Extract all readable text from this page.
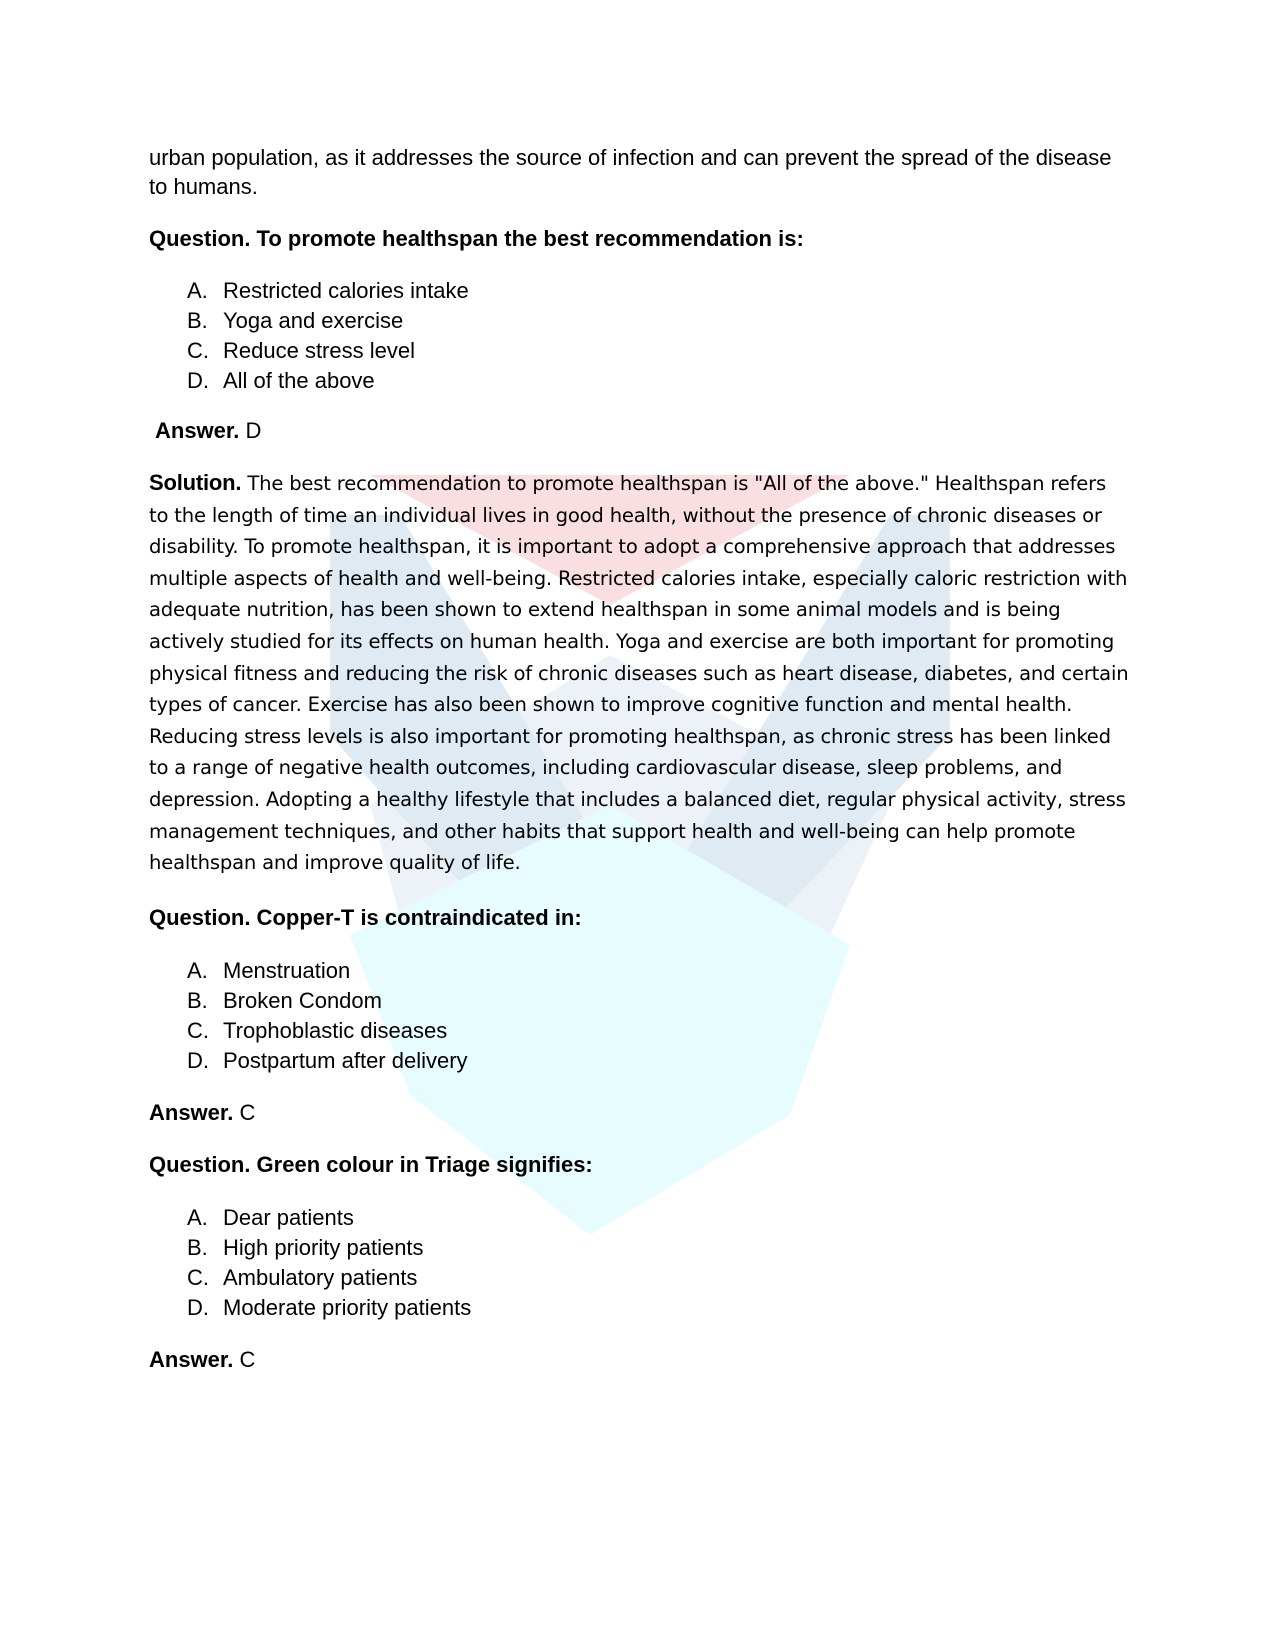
urban population, as it addresses the source of infection and can prevent the spread of the disease to humans.

Question. To promote healthspan the best recommendation is:

A. Restricted calories intake
B. Yoga and exercise
C. Reduce stress level
D. All of the above

Answer. D

Solution. The best recommendation to promote healthspan is "All of the above." Healthspan refers to the length of time an individual lives in good health, without the presence of chronic diseases or disability. To promote healthspan, it is important to adopt a comprehensive approach that addresses multiple aspects of health and well-being. Restricted calories intake, especially caloric restriction with adequate nutrition, has been shown to extend healthspan in some animal models and is being actively studied for its effects on human health. Yoga and exercise are both important for promoting physical fitness and reducing the risk of chronic diseases such as heart disease, diabetes, and certain types of cancer. Exercise has also been shown to improve cognitive function and mental health. Reducing stress levels is also important for promoting healthspan, as chronic stress has been linked to a range of negative health outcomes, including cardiovascular disease, sleep problems, and depression. Adopting a healthy lifestyle that includes a balanced diet, regular physical activity, stress management techniques, and other habits that support health and well-being can help promote healthspan and improve quality of life.

Question. Copper-T is contraindicated in:

A. Menstruation
B. Broken Condom
C. Trophoblastic diseases
D. Postpartum after delivery

Answer. C

Question. Green colour in Triage signifies:

A. Dear patients
B. High priority patients
C. Ambulatory patients
D. Moderate priority patients

Answer. C
